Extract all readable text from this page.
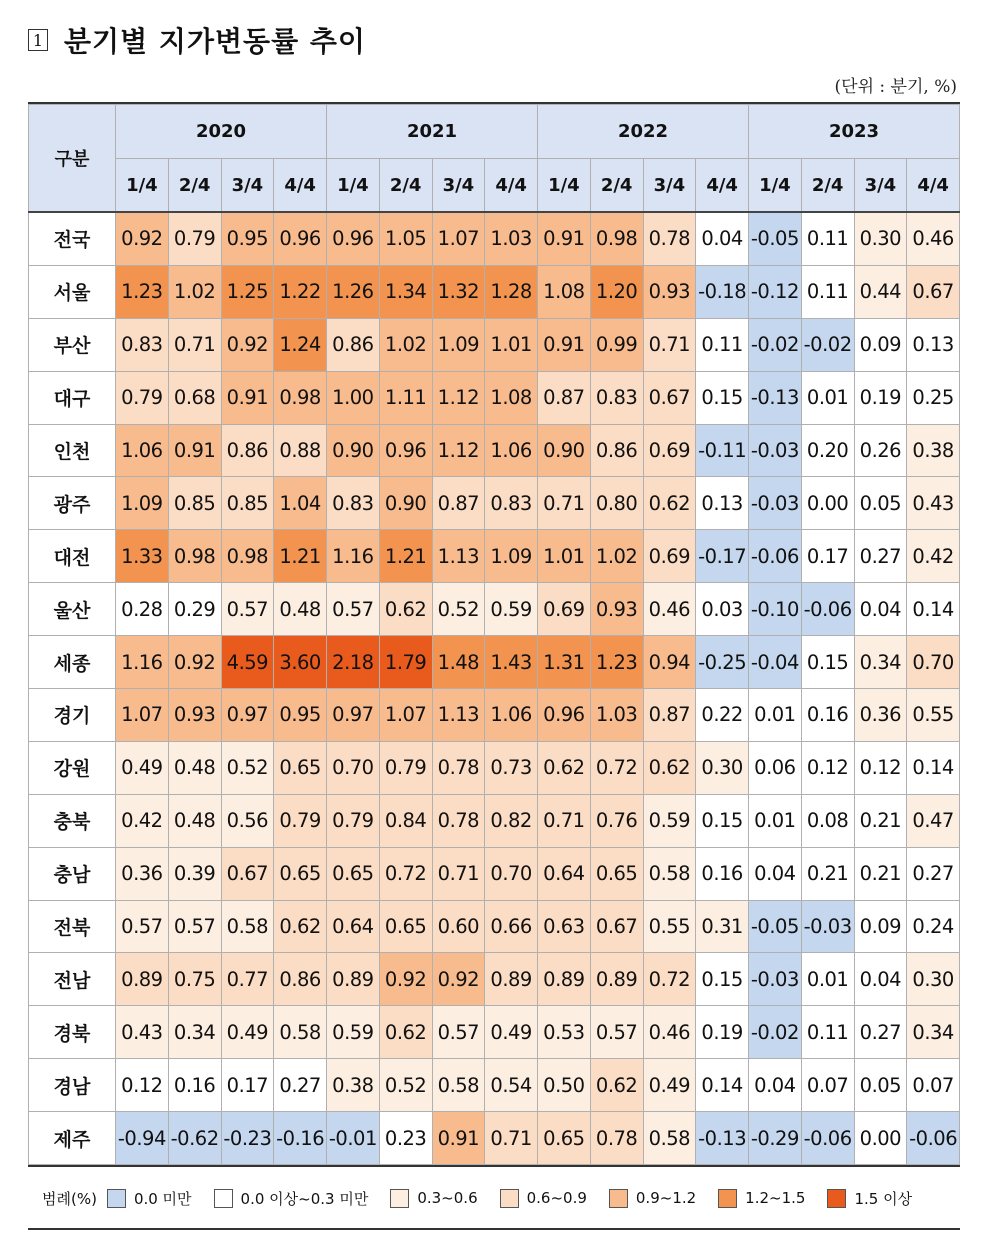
1 분기별 지가변동률 추이
(단위 : 분기, %)
구분	2020				2021				2022				2023			
	1/4	2/4	3/4	4/4	1/4	2/4	3/4	4/4	1/4	2/4	3/4	4/4	1/4	2/4	3/4	4/4
전국	0.92	0.79	0.95	0.96	0.96	1.05	1.07	1.03	0.91	0.98	0.78	0.04	-0.05	0.11	0.30	0.46
서울	1.23	1.02	1.25	1.22	1.26	1.34	1.32	1.28	1.08	1.20	0.93	-0.18	-0.12	0.11	0.44	0.67
부산	0.83	0.71	0.92	1.24	0.86	1.02	1.09	1.01	0.91	0.99	0.71	0.11	-0.02	-0.02	0.09	0.13
대구	0.79	0.68	0.91	0.98	1.00	1.11	1.12	1.08	0.87	0.83	0.67	0.15	-0.13	0.01	0.19	0.25
인천	1.06	0.91	0.86	0.88	0.90	0.96	1.12	1.06	0.90	0.86	0.69	-0.11	-0.03	0.20	0.26	0.38
광주	1.09	0.85	0.85	1.04	0.83	0.90	0.87	0.83	0.71	0.80	0.62	0.13	-0.03	0.00	0.05	0.43
대전	1.33	0.98	0.98	1.21	1.16	1.21	1.13	1.09	1.01	1.02	0.69	-0.17	-0.06	0.17	0.27	0.42
울산	0.28	0.29	0.57	0.48	0.57	0.62	0.52	0.59	0.69	0.93	0.46	0.03	-0.10	-0.06	0.04	0.14
세종	1.16	0.92	4.59	3.60	2.18	1.79	1.48	1.43	1.31	1.23	0.94	-0.25	-0.04	0.15	0.34	0.70
경기	1.07	0.93	0.97	0.95	0.97	1.07	1.13	1.06	0.96	1.03	0.87	0.22	0.01	0.16	0.36	0.55
강원	0.49	0.48	0.52	0.65	0.70	0.79	0.78	0.73	0.62	0.72	0.62	0.30	0.06	0.12	0.12	0.14
충북	0.42	0.48	0.56	0.79	0.79	0.84	0.78	0.82	0.71	0.76	0.59	0.15	0.01	0.08	0.21	0.47
충남	0.36	0.39	0.67	0.65	0.65	0.72	0.71	0.70	0.64	0.65	0.58	0.16	0.04	0.21	0.21	0.27
전북	0.57	0.57	0.58	0.62	0.64	0.65	0.60	0.66	0.63	0.67	0.55	0.31	-0.05	-0.03	0.09	0.24
전남	0.89	0.75	0.77	0.86	0.89	0.92	0.92	0.89	0.89	0.89	0.72	0.15	-0.03	0.01	0.04	0.30
경북	0.43	0.34	0.49	0.58	0.59	0.62	0.57	0.49	0.53	0.57	0.46	0.19	-0.02	0.11	0.27	0.34
경남	0.12	0.16	0.17	0.27	0.38	0.52	0.58	0.54	0.50	0.62	0.49	0.14	0.04	0.07	0.05	0.07
제주	-0.94	-0.62	-0.23	-0.16	-0.01	0.23	0.91	0.71	0.65	0.78	0.58	-0.13	-0.29	-0.06	0.00	-0.06
범례(%) 0.0 미만	0.0 이상~0.3 미만	0.3~0.6	0.6~0.9	0.9~1.2	1.2~1.5	1.5 이상
